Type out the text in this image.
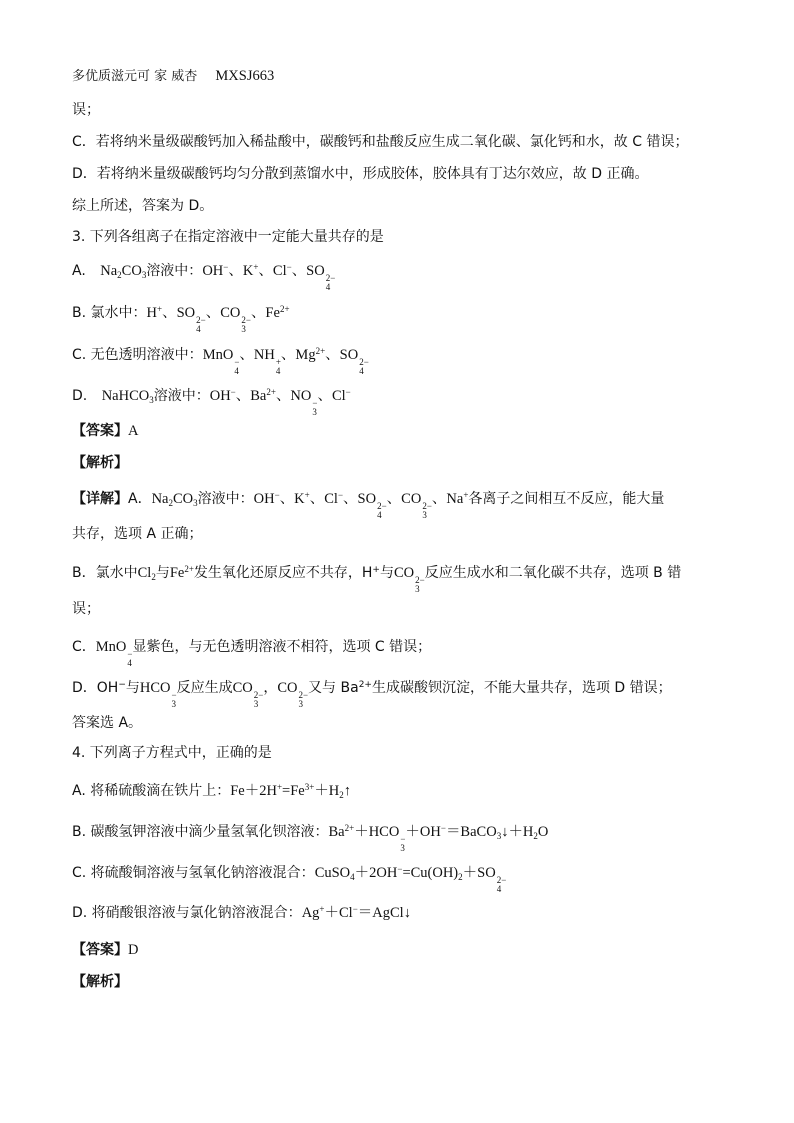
多优质滋元可 家 威杏 MXSJ663
误；
C．若将纳米量级碳酸钙加入稀盐酸中，碳酸钙和盐酸反应生成二氧化碳、氯化钙和水，故 C 错误；
D．若将纳米量级碳酸钙均匀分散到蒸馏水中，形成胶体，胶体具有丁达尔效应，故 D 正确。
综上所述，答案为 D。
3. 下列各组离子在指定溶液中一定能大量共存的是
A. $Na_2CO_3$溶液中：OH−、K+、Cl−、SO 2−
4
B. 氯水中：H+、SO 2−
4
、CO 2−
3
、$Fe^{2+}$
C. 无色透明溶液中：MnO −
4
、NH +
4
、$Mg^{2+}$、SO 2−
4
D. NaHCO$_3$溶液中：OH−、$Ba^{2+}$、NO −
3
、Cl−
【答案】A
【解析】
【详解】A．$Na_2CO_3$溶液中：OH−、K+、Cl−、SO 2−
4
、CO 2−
3
、Na+各离子之间相互不反应，能大量
共存，选项 A 正确；
B．氯水中$Cl_2$与$Fe^{2+}$发生氧化还原反应不共存，H+与CO 2−
3
反应生成水和二氧化碳不共存，选项 B 错
误；
C．MnO −
4
显紫色，与无色透明溶液不相符，选项 C 错误；
D．OH−与HCO −
3
反应生成CO 2−
3
，CO 2−
3
又与 $Ba^{2+}$生成碳酸钡沉淀，不能大量共存，选项 D 错误；
答案选 A。
4. 下列离子方程式中，正确的是
A. 将稀硫酸滴在铁片上：$Fe+2H^+=Fe^{3+}+H_2↑$
B. 碳酸氢钾溶液中滴少量氢氧化钡溶液：$Ba^{2+}+HCO$ −
3
$+OH^-=BaCO_3↓+H_2O$
C. 将硫酸铜溶液与氢氧化钠溶液混合：$CuSO_4+2OH^-=Cu(OH)_2+SO$ 2−
4
D. 将硝酸银溶液与氯化钠溶液混合：Ag+＋Cl−＝AgCl↓
【答案】D
【解析】
